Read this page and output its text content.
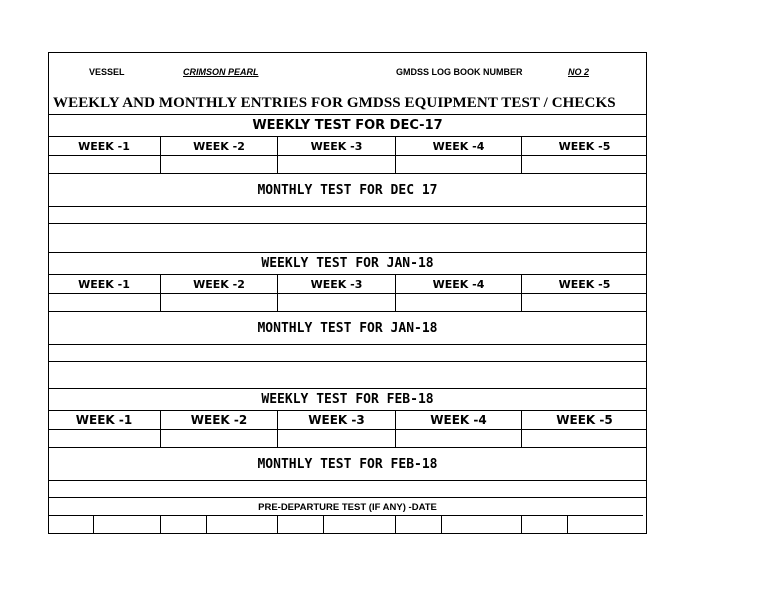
VESSEL	CRIMSON PEARL	GMDSS LOG BOOK NUMBER	NO 2
WEEKLY AND MONTHLY ENTRIES FOR GMDSS EQUIPMENT TEST / CHECKS
WEEKLY TEST FOR DEC-17
WEEK -1	WEEK -2	WEEK -3	WEEK -4	WEEK -5
MONTHLY TEST FOR DEC 17
WEEKLY TEST FOR JAN-18
WEEK -1	WEEK -2	WEEK -3	WEEK -4	WEEK -5
MONTHLY TEST FOR JAN-18
WEEKLY TEST FOR FEB-18
WEEK -1	WEEK -2	WEEK -3	WEEK -4	WEEK -5
MONTHLY TEST FOR FEB-18
PRE-DEPARTURE TEST (IF ANY) -DATE
